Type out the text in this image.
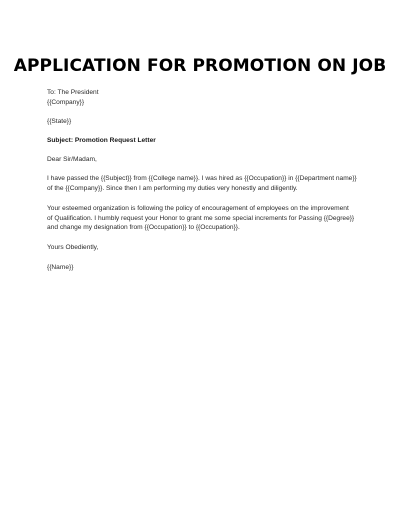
APPLICATION FOR PROMOTION ON JOB
To: The President
{{Company}}
{{State}}
Subject: Promotion Request Letter
Dear Sir/Madam,

I have passed the {{Subject}} from {{College name}}. I was hired as {{Occupation}} in {{Department name}}

of the {{Company}}. Since then I am performing my duties very honestly and diligently.

Your esteemed organization is following the policy of encouragement of employees on the improvement

of Qualification. I humbly request your Honor to grant me some special increments for Passing {{Degree}}

and change my designation from {{Occupation}} to {{Occupation}}.

Yours Obediently,
{{Name}}
